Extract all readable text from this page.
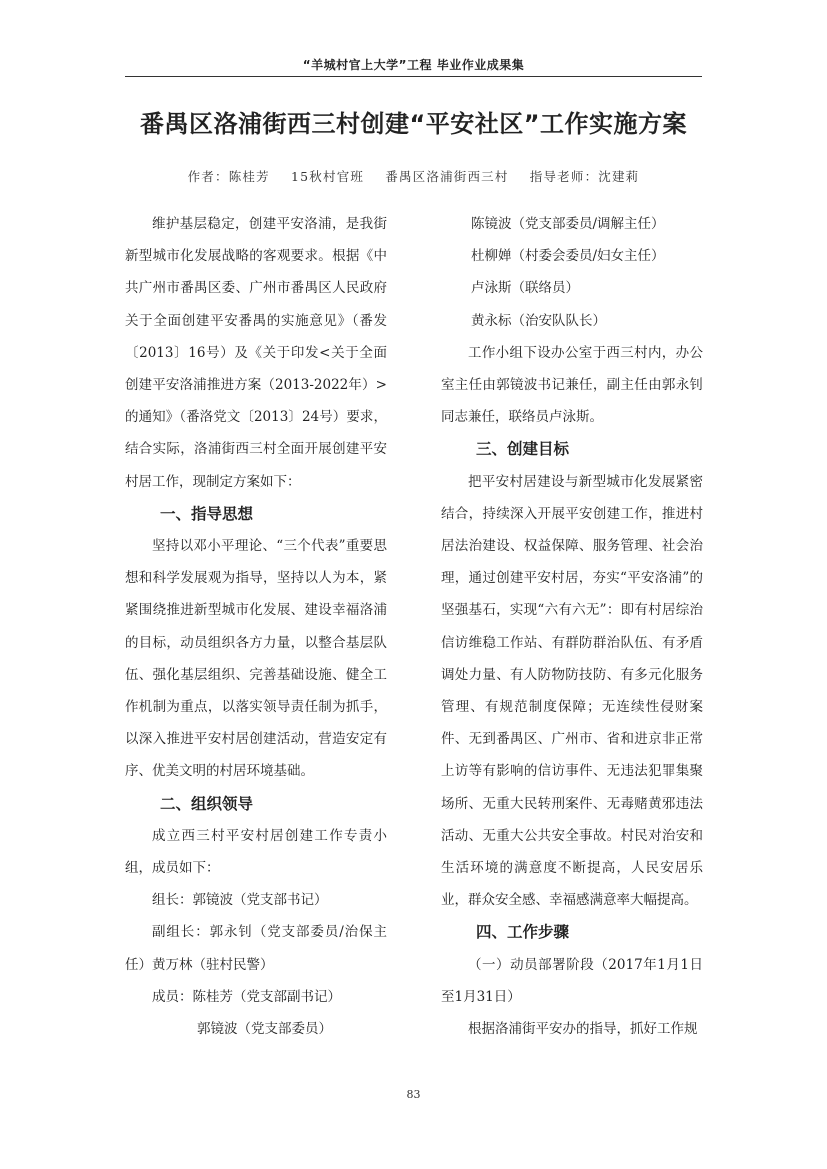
“羊城村官上大学”工程 毕业作业成果集
番禺区洛浦街西三村创建“平安社区”工作实施方案
作者：陈桂芳 15秋村官班 番禺区洛浦街西三村 指导老师：沈建莉

维护基层稳定，创建平安洛浦，是我街新型城市化发展战略的客观要求。根据《中共广州市番禺区委、广州市番禺区人民政府关于全面创建平安番禺的实施意见》（番发〔2013〕16号）及《关于印发<关于全面创建平安洛浦推进方案（2013-2022年）>的通知》（番洛党文〔2013〕24号）要求，结合实际，洛浦街西三村全面开展创建平安村居工作，现制定方案如下：

一、指导思想

坚持以邓小平理论、“三个代表”重要思想和科学发展观为指导，坚持以人为本，紧紧围绕推进新型城市化发展、建设幸福洛浦的目标，动员组织各方力量，以整合基层队伍、强化基层组织、完善基础设施、健全工作机制为重点，以落实领导责任制为抓手，以深入推进平安村居创建活动，营造安定有序、优美文明的村居环境基础。

二、组织领导

成立西三村平安村居创建工作专责小组，成员如下：

组长：郭镜波（党支部书记）

副组长：郭永钊（党支部委员/治保主任）黄万林（驻村民警）

成员：陈桂芳（党支部副书记）

郭镜波（党支部委员）

陈镜波（党支部委员/调解主任）

杜柳婵（村委会委员/妇女主任）

卢泳斯（联络员）

黄永标（治安队队长）

工作小组下设办公室于西三村内，办公室主任由郭镜波书记兼任，副主任由郭永钊同志兼任，联络员卢泳斯。

三、创建目标

把平安村居建设与新型城市化发展紧密结合，持续深入开展平安创建工作，推进村居法治建设、权益保障、服务管理、社会治理，通过创建平安村居，夯实“平安洛浦”的坚强基石，实现“六有六无”：即有村居综治信访维稳工作站、有群防群治队伍、有矛盾调处力量、有人防物防技防、有多元化服务管理、有规范制度保障；无连续性侵财案件、无到番禺区、广州市、省和进京非正常上访等有影响的信访事件、无违法犯罪集聚场所、无重大民转刑案件、无毒赌黄邪违法活动、无重大公共安全事故。村民对治安和生活环境的满意度不断提高，人民安居乐业，群众安全感、幸福感满意率大幅提高。

四、工作步骤

（一）动员部署阶段（2017年1月1日至1月31日）

根据洛浦街平安办的指导，抓好工作规

83
